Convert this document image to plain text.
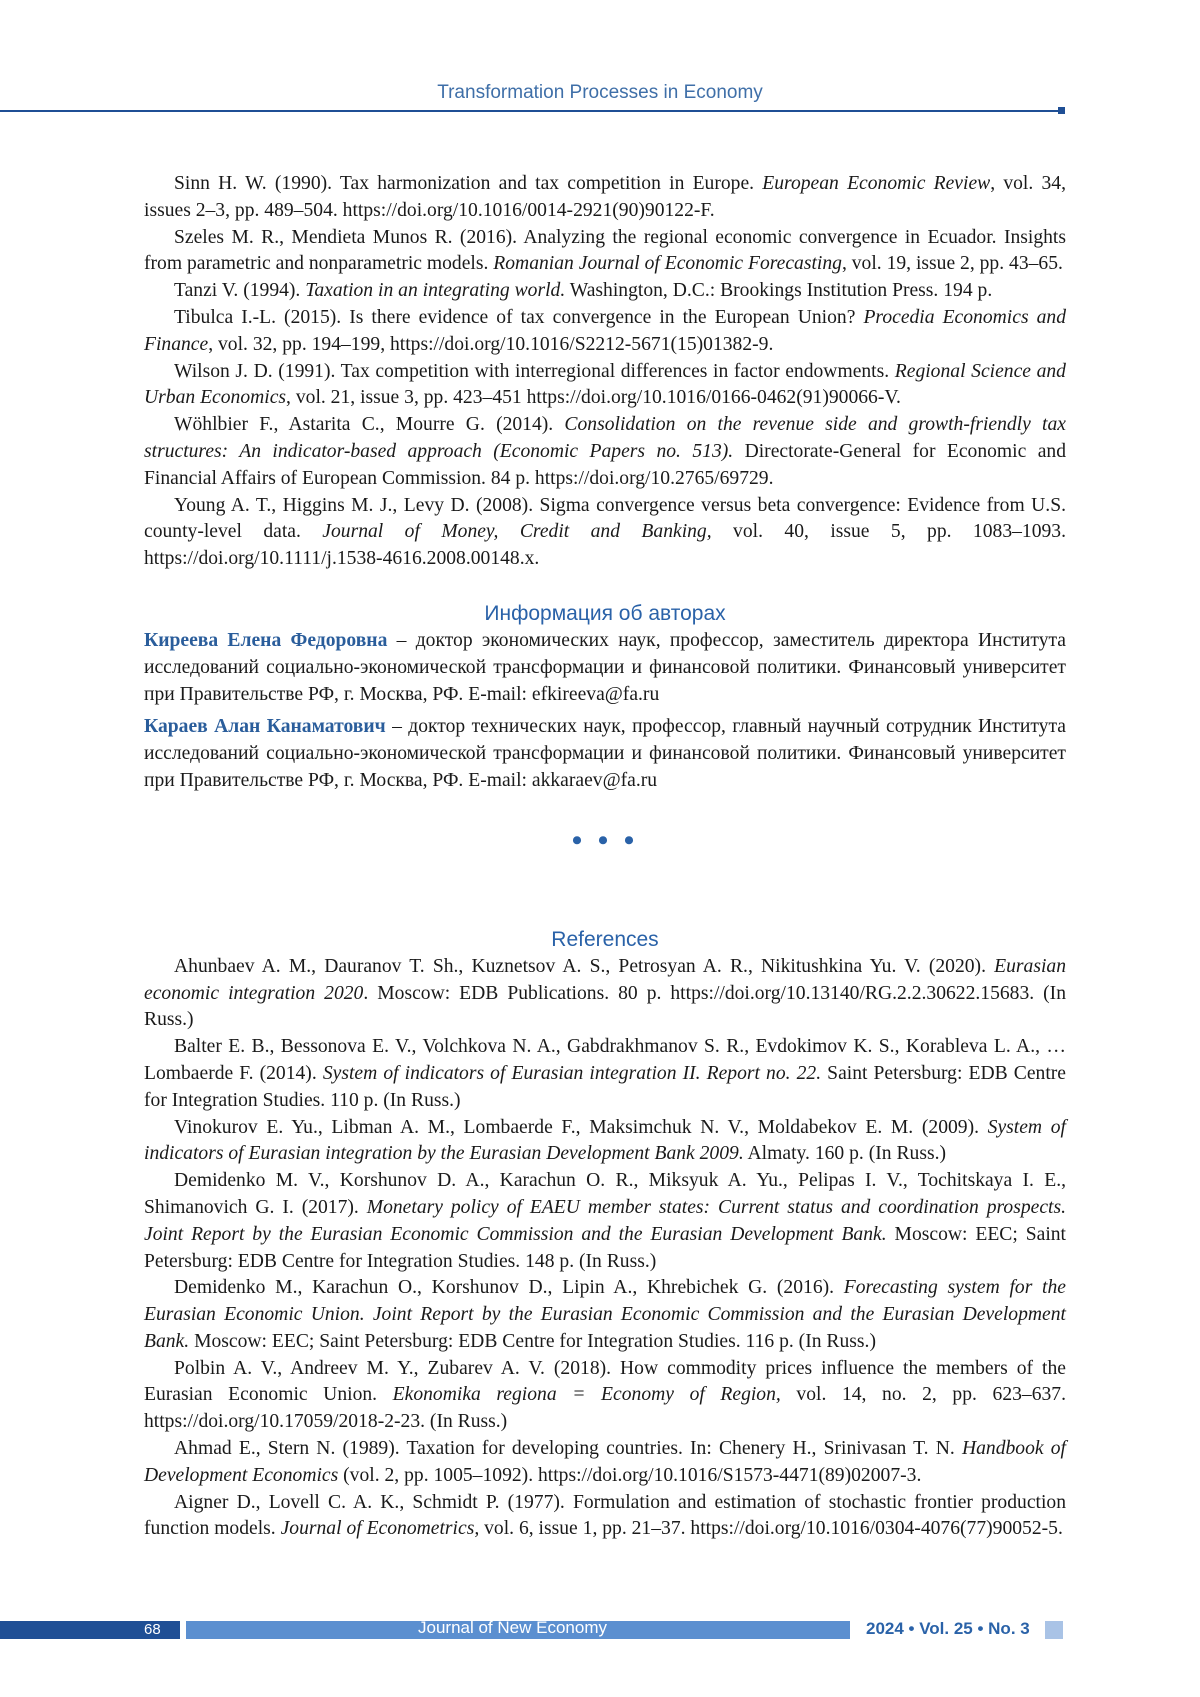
Transformation Processes in Economy

Sinn H. W. (1990). Tax harmonization and tax competition in Europe. European Economic Review, vol. 34, issues 2–3, pp. 489–504. https://doi.org/10.1016/0014-2921(90)90122-F.

Szeles M. R., Mendieta Munos R. (2016). Analyzing the regional economic convergence in Ecuador. Insights from parametric and nonparametric models. Romanian Journal of Economic Forecasting, vol. 19, issue 2, pp. 43–65.

Tanzi V. (1994). Taxation in an integrating world. Washington, D.C.: Brookings Institution Press. 194 p.

Tibulca I.-L. (2015). Is there evidence of tax convergence in the European Union? Procedia Economics and Finance, vol. 32, pp. 194–199, https://doi.org/10.1016/S2212-5671(15)01382-9.

Wilson J. D. (1991). Tax competition with interregional differences in factor endowments. Regional Science and Urban Economics, vol. 21, issue 3, pp. 423–451 https://doi.org/10.1016/0166-0462(91)90066-V.

Wöhlbier F., Astarita C., Mourre G. (2014). Consolidation on the revenue side and growth-friendly tax structures: An indicator-based approach (Economic Papers no. 513). Directorate-General for Economic and Financial Affairs of European Commission. 84 p. https://doi.org/10.2765/69729.

Young A. T., Higgins M. J., Levy D. (2008). Sigma convergence versus beta convergence: Evidence from U.S. county-level data. Journal of Money, Credit and Banking, vol. 40, issue 5, pp. 1083–1093. https://doi.org/10.1111/j.1538-4616.2008.00148.x.

Информация об авторах

Киреева Елена Федоровна – доктор экономических наук, профессор, заместитель директора Института исследований социально-экономической трансформации и финансовой политики. Финансовый университет при Правительстве РФ, г. Москва, РФ. E-mail: efkireeva@fa.ru

Караев Алан Канаматович – доктор технических наук, профессор, главный научный сотрудник Института исследований социально-экономической трансформации и финансовой политики. Финансовый университет при Правительстве РФ, г. Москва, РФ. E-mail: akkaraev@fa.ru

• • •

References

Ahunbaev A. M., Dauranov T. Sh., Kuznetsov A. S., Petrosyan A. R., Nikitushkina Yu. V. (2020). Eurasian economic integration 2020. Moscow: EDB Publications. 80 p. https://doi.org/10.13140/RG.2.2.30622.15683. (In Russ.)

Balter E. B., Bessonova E. V., Volchkova N. A., Gabdrakhmanov S. R., Evdokimov K. S., Korableva L. A., … Lombaerde F. (2014). System of indicators of Eurasian integration II. Report no. 22. Saint Petersburg: EDB Centre for Integration Studies. 110 p. (In Russ.)

Vinokurov E. Yu., Libman A. M., Lombaerde F., Maksimchuk N. V., Moldabekov E. M. (2009). System of indicators of Eurasian integration by the Eurasian Development Bank 2009. Almaty. 160 p. (In Russ.)

Demidenko M. V., Korshunov D. A., Karachun O. R., Miksyuk A. Yu., Pelipas I. V., Tochitskaya I. E., Shimanovich G. I. (2017). Monetary policy of EAEU member states: Current status and coordination prospects. Joint Report by the Eurasian Economic Commission and the Eurasian Development Bank. Moscow: EEC; Saint Petersburg: EDB Centre for Integration Studies. 148 p. (In Russ.)

Demidenko M., Karachun O., Korshunov D., Lipin A., Khrebichek G. (2016). Forecasting system for the Eurasian Economic Union. Joint Report by the Eurasian Economic Commission and the Eurasian Development Bank. Moscow: EEC; Saint Petersburg: EDB Centre for Integration Studies. 116 p. (In Russ.)

Polbin A. V., Andreev M. Y., Zubarev A. V. (2018). How commodity prices influence the members of the Eurasian Economic Union. Ekonomika regiona = Economy of Region, vol. 14, no. 2, pp. 623–637. https://doi.org/10.17059/2018-2-23. (In Russ.)

Ahmad E., Stern N. (1989). Taxation for developing countries. In: Chenery H., Srinivasan T. N. Handbook of Development Economics (vol. 2, pp. 1005–1092). https://doi.org/10.1016/S1573-4471(89)02007-3.

Aigner D., Lovell C. A. K., Schmidt P. (1977). Formulation and estimation of stochastic frontier production function models. Journal of Econometrics, vol. 6, issue 1, pp. 21–37. https://doi.org/10.1016/0304-4076(77)90052-5.

68	Journal of New Economy	2024 • Vol. 25 • No. 3
